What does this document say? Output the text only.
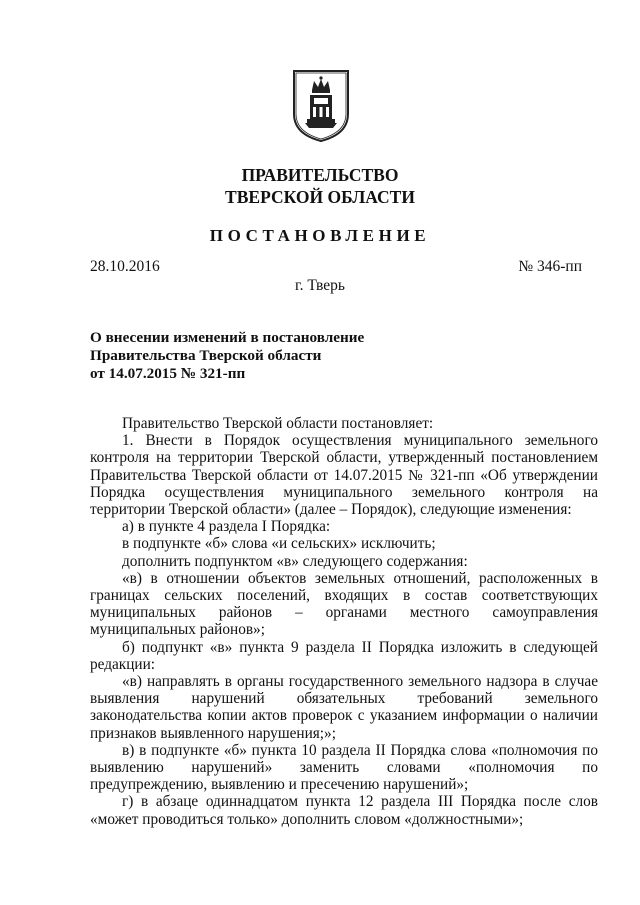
ПРАВИТЕЛЬСТВО
ТВЕРСКОЙ ОБЛАСТИ
ПОСТАНОВЛЕНИЕ
28.10.2016	№ 346-пп
г. Тверь
О внесении изменений в постановление
Правительства Тверской области
от 14.07.2015 № 321-пп

Правительство Тверской области постановляет:

1. Внести в Порядок осуществления муниципального земельного контроля на территории Тверской области, утвержденный постановлением Правительства Тверской области от 14.07.2015 № 321-пп «Об утверждении Порядка осуществления муниципального земельного контроля на территории Тверской области» (далее – Порядок), следующие изменения:

а) в пункте 4 раздела I Порядка:

в подпункте «б» слова «и сельских» исключить;

дополнить подпунктом «в» следующего содержания:

«в) в отношении объектов земельных отношений, расположенных в границах сельских поселений, входящих в состав соответствующих муниципальных районов – органами местного самоуправления муниципальных районов»;

б) подпункт «в» пункта 9 раздела II Порядка изложить в следующей редакции:

«в) направлять в органы государственного земельного надзора в случае выявления нарушений обязательных требований земельного законодательства копии актов проверок с указанием информации о наличии признаков выявленного нарушения;»;

в) в подпункте «б» пункта 10 раздела II Порядка слова «полномочия по выявлению нарушений» заменить словами «полномочия по предупреждению, выявлению и пресечению нарушений»;

г) в абзаце одиннадцатом пункта 12 раздела III Порядка после слов «может проводиться только» дополнить словом «должностными»;
